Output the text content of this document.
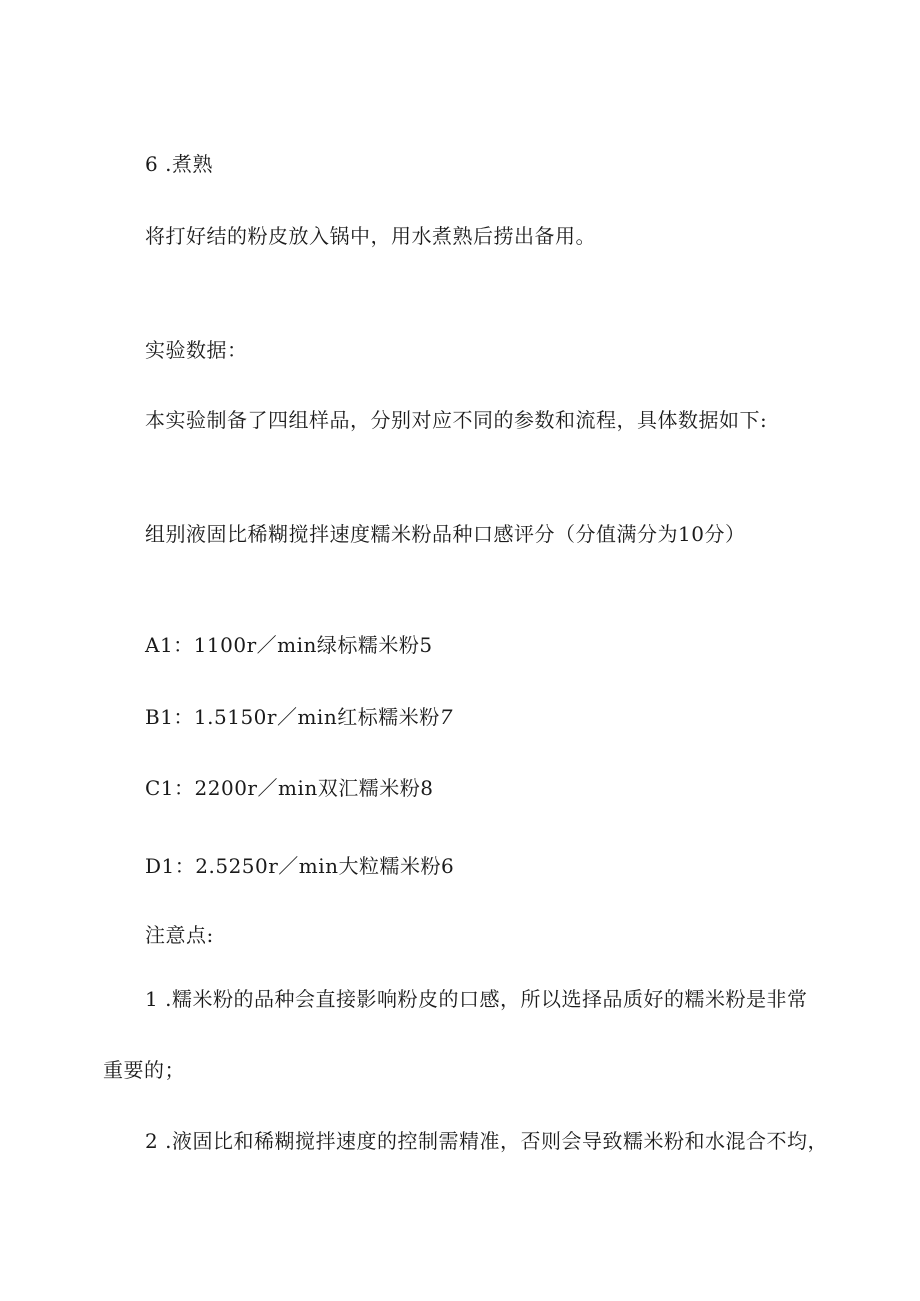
6 .煮熟
将打好结的粉皮放入锅中，用水煮熟后捞出备用。
实验数据：
本实验制备了四组样品，分别对应不同的参数和流程，具体数据如下:
组别液固比稀糊搅拌速度糯米粉品种口感评分（分值满分为10分）
A1：1100r／min绿标糯米粉5
B1：1.5150r／min红标糯米粉7
C1：2200r／min双汇糯米粉8
D1：2.5250r／min大粒糯米粉6
注意点:
1 .糯米粉的品种会直接影响粉皮的口感，所以选择品质好的糯米粉是非常
重要的；
2 .液固比和稀糊搅拌速度的控制需精准，否则会导致糯米粉和水混合不均，
